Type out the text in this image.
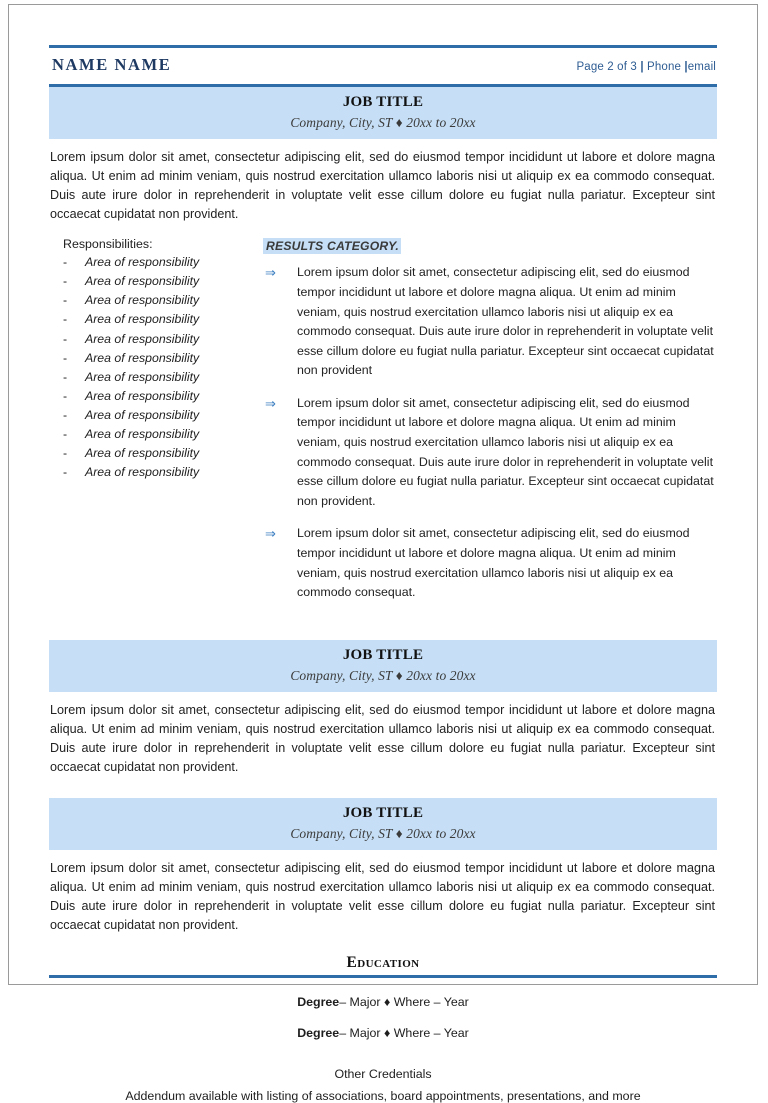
NAME NAME	Page 2 of 3 | Phone |email
JOB TITLE
Company, City, ST ♦ 20xx to 20xx
Lorem ipsum dolor sit amet, consectetur adipiscing elit, sed do eiusmod tempor incididunt ut labore et dolore magna aliqua. Ut enim ad minim veniam, quis nostrud exercitation ullamco laboris nisi ut aliquip ex ea commodo consequat. Duis aute irure dolor in reprehenderit in voluptate velit esse cillum dolore eu fugiat nulla pariatur. Excepteur sint occaecat cupidatat non provident.
Responsibilities:
-	Area of responsibility
-	Area of responsibility
-	Area of responsibility
-	Area of responsibility
-	Area of responsibility
-	Area of responsibility
-	Area of responsibility
-	Area of responsibility
-	Area of responsibility
-	Area of responsibility
-	Area of responsibility
-	Area of responsibility
RESULTS CATEGORY.
⇒	Lorem ipsum dolor sit amet, consectetur adipiscing elit, sed do eiusmod tempor incididunt ut labore et dolore magna aliqua. Ut enim ad minim veniam, quis nostrud exercitation ullamco laboris nisi ut aliquip ex ea commodo consequat. Duis aute irure dolor in reprehenderit in voluptate velit esse cillum dolore eu fugiat nulla pariatur. Excepteur sint occaecat cupidatat non provident
⇒	Lorem ipsum dolor sit amet, consectetur adipiscing elit, sed do eiusmod tempor incididunt ut labore et dolore magna aliqua. Ut enim ad minim veniam, quis nostrud exercitation ullamco laboris nisi ut aliquip ex ea commodo consequat. Duis aute irure dolor in reprehenderit in voluptate velit esse cillum dolore eu fugiat nulla pariatur. Excepteur sint occaecat cupidatat non provident.
⇒	Lorem ipsum dolor sit amet, consectetur adipiscing elit, sed do eiusmod tempor incididunt ut labore et dolore magna aliqua. Ut enim ad minim veniam, quis nostrud exercitation ullamco laboris nisi ut aliquip ex ea commodo consequat.
JOB TITLE
Company, City, ST ♦ 20xx to 20xx
Lorem ipsum dolor sit amet, consectetur adipiscing elit, sed do eiusmod tempor incididunt ut labore et dolore magna aliqua. Ut enim ad minim veniam, quis nostrud exercitation ullamco laboris nisi ut aliquip ex ea commodo consequat. Duis aute irure dolor in reprehenderit in voluptate velit esse cillum dolore eu fugiat nulla pariatur. Excepteur sint occaecat cupidatat non provident.
JOB TITLE
Company, City, ST ♦ 20xx to 20xx
Lorem ipsum dolor sit amet, consectetur adipiscing elit, sed do eiusmod tempor incididunt ut labore et dolore magna aliqua. Ut enim ad minim veniam, quis nostrud exercitation ullamco laboris nisi ut aliquip ex ea commodo consequat. Duis aute irure dolor in reprehenderit in voluptate velit esse cillum dolore eu fugiat nulla pariatur. Excepteur sint occaecat cupidatat non provident.
Education
Degree– Major ♦ Where – Year
Degree– Major ♦ Where – Year
Other Credentials
Addendum available with listing of associations, board appointments, presentations, and more
